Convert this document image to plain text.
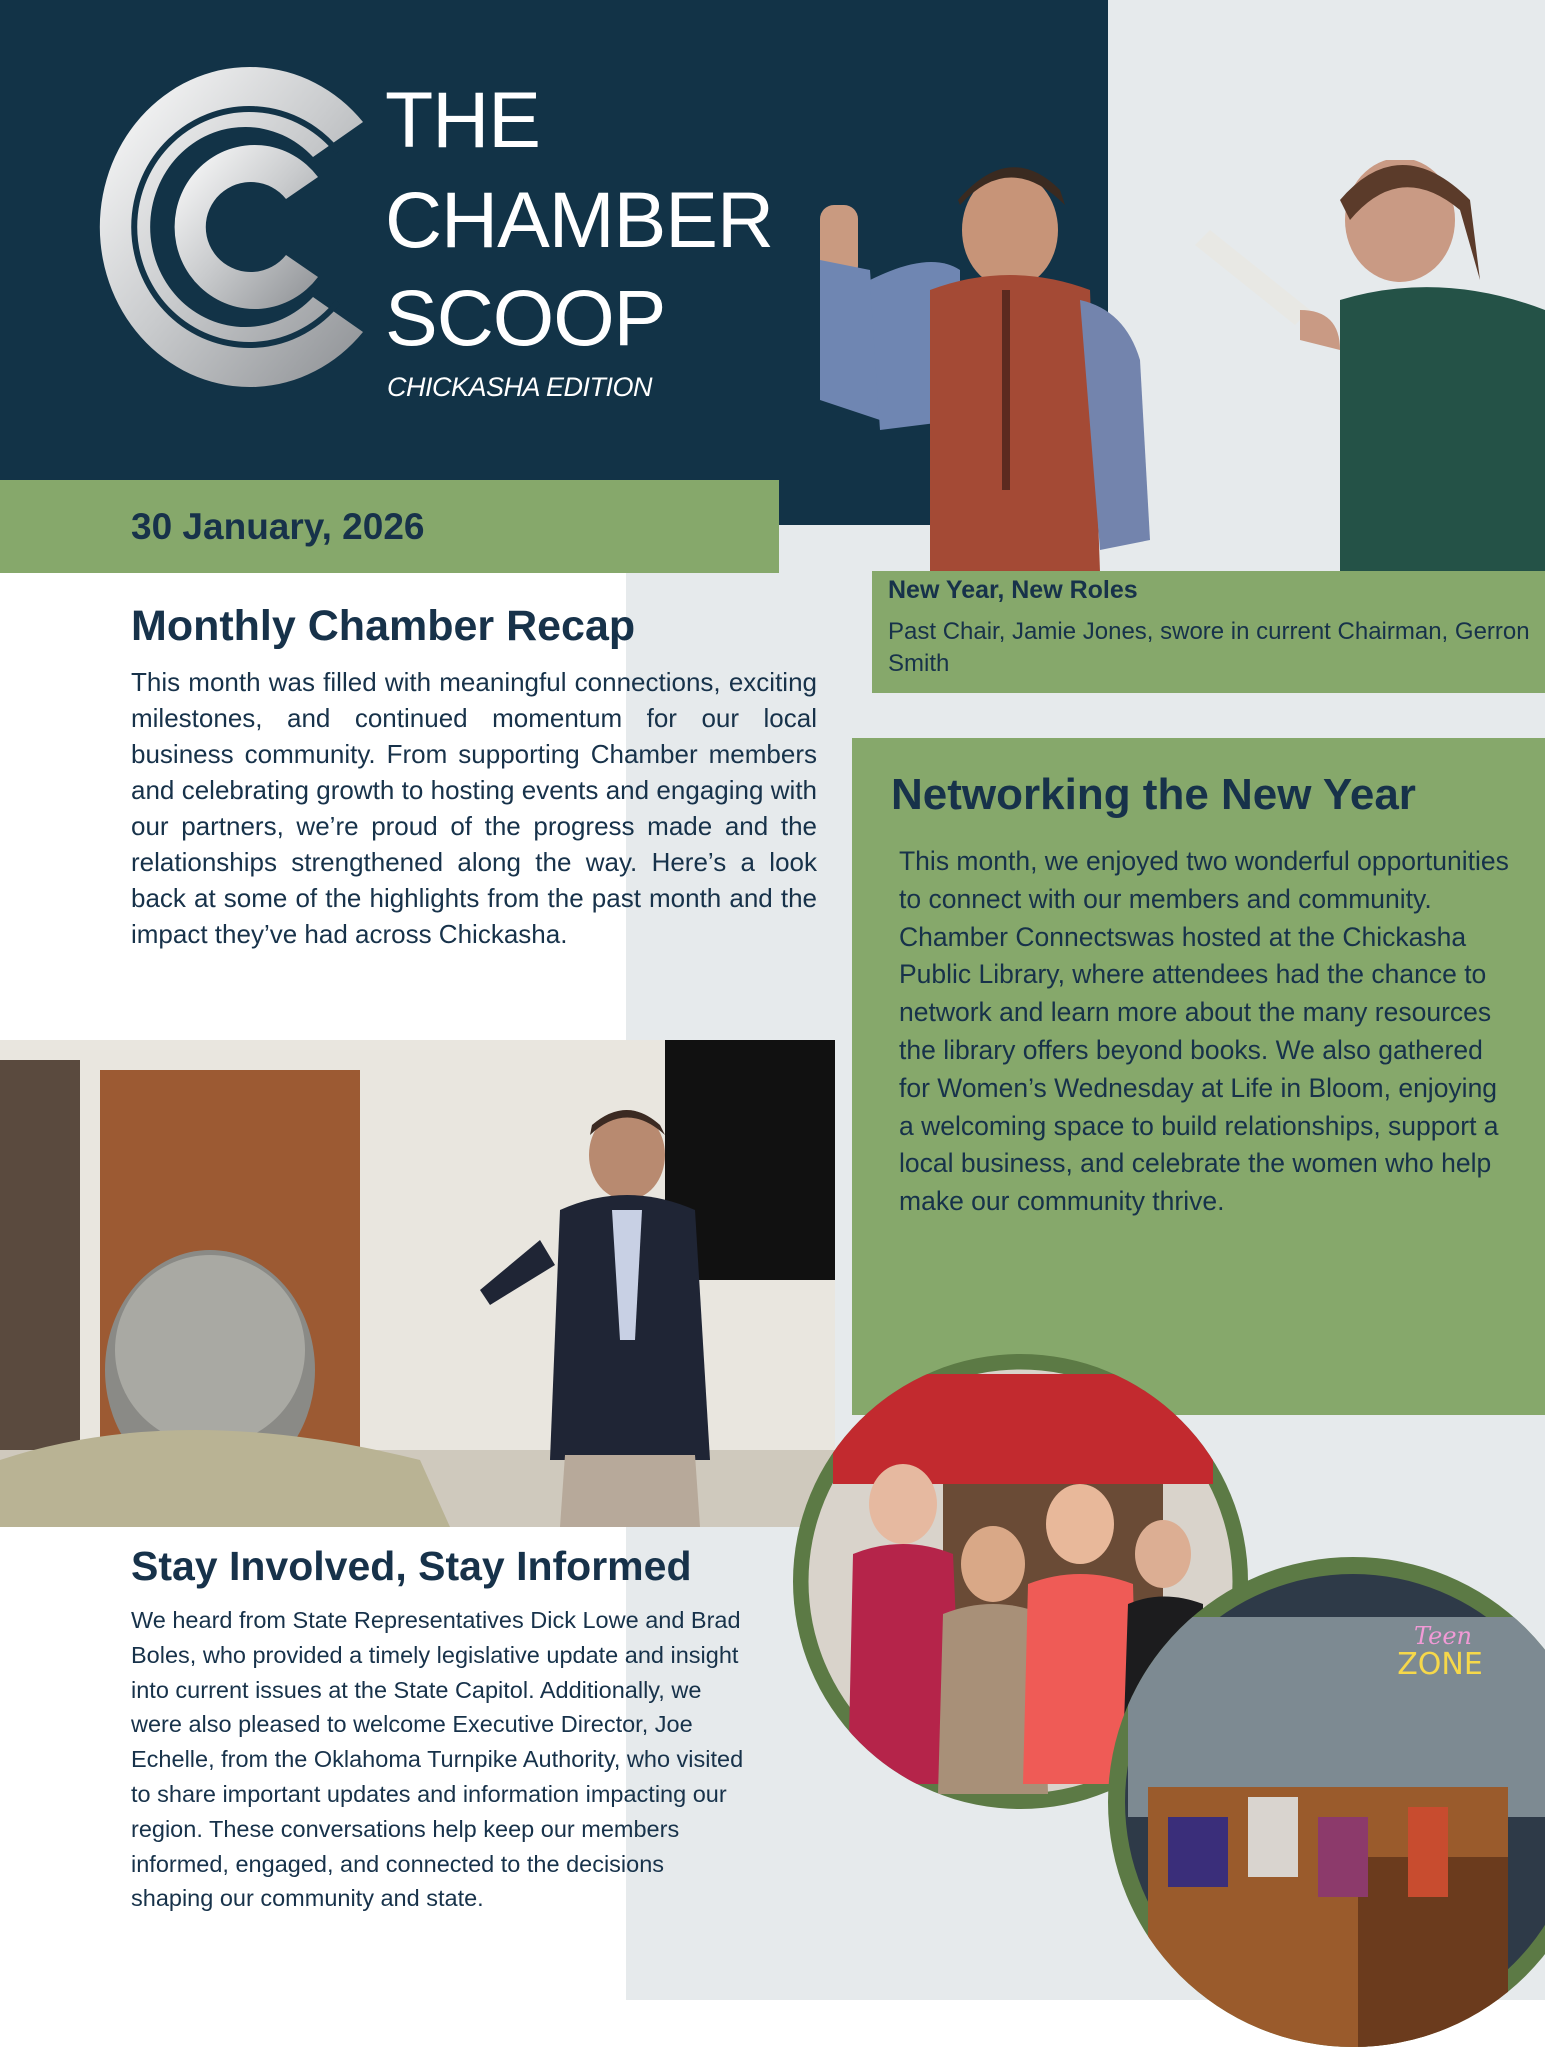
THE
CHAMBER
SCOOP
CHICKASHA EDITION
30 January, 2026
New Year, New Roles
Past Chair, Jamie Jones, swore in current Chairman, Gerron Smith
Monthly Chamber Recap
This month was filled with meaningful connections, exciting milestones, and continued momentum for our local business community. From supporting Chamber members and celebrating growth to hosting events and engaging with our partners, we’re proud of the progress made and the relationships strengthened along the way. Here’s a look back at some of the highlights from the past month and the impact they’ve had across Chickasha.
Networking the New Year
This month, we enjoyed two wonderful opportunities to connect with our members and community. Chamber Connectswas hosted at the Chickasha Public Library, where attendees had the chance to network and learn more about the many resources the library offers beyond books. We also gathered for Women’s Wednesday at Life in Bloom, enjoying a welcoming space to build relationships, support a local business, and celebrate the women who help make our community thrive.
Stay Involved, Stay Informed
We heard from State Representatives Dick Lowe and Brad Boles, who provided a timely legislative update and insight into current issues at the State Capitol. Additionally, we were also pleased to welcome Executive Director, Joe Echelle, from the Oklahoma Turnpike Authority, who visited to share important updates and information impacting our region. These conversations help keep our members informed, engaged, and connected to the decisions shaping our community and state.
Teen
ZONE
